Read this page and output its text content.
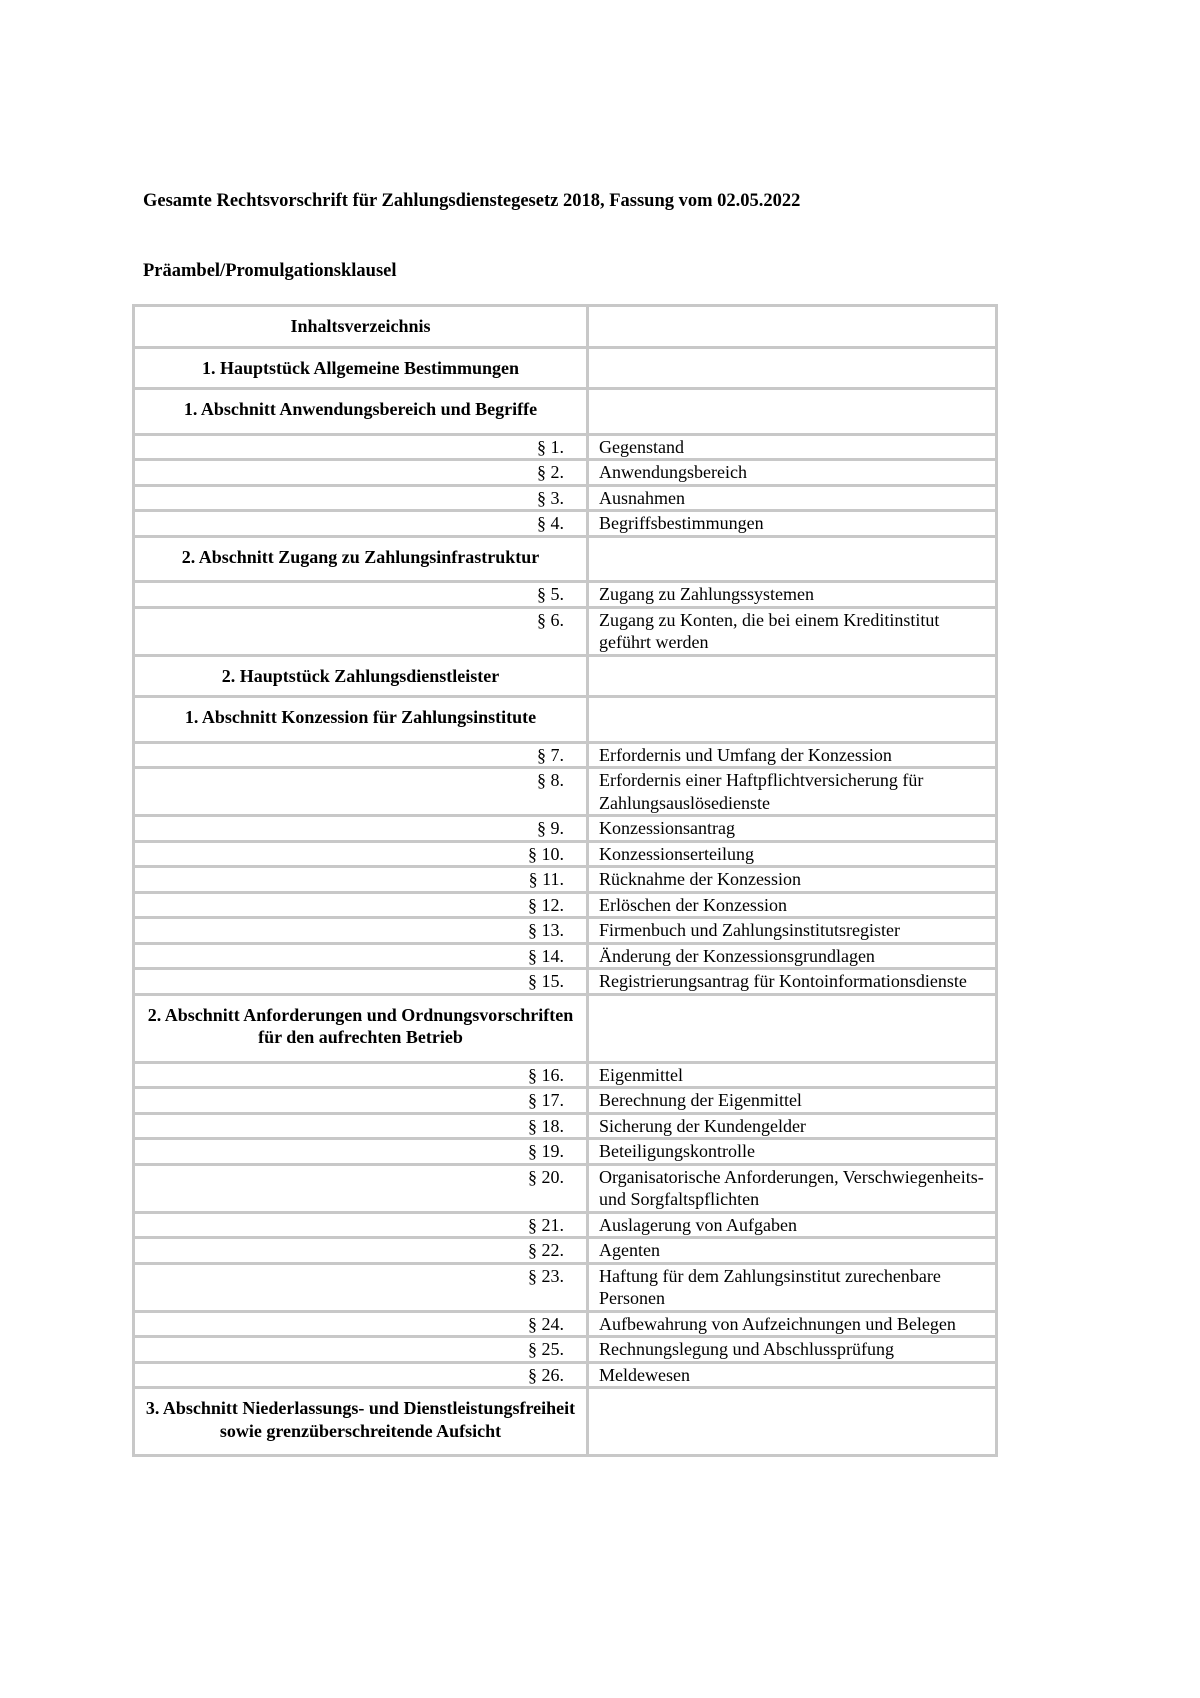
Gesamte Rechtsvorschrift für Zahlungsdienstegesetz 2018, Fassung vom 02.05.2022
Präambel/Promulgationsklausel
Inhaltsverzeichnis	
1. Hauptstück Allgemeine Bestimmungen	
1. Abschnitt Anwendungsbereich und Begriffe	
§ 1.	Gegenstand
§ 2.	Anwendungsbereich
§ 3.	Ausnahmen
§ 4.	Begriffsbestimmungen
2. Abschnitt Zugang zu Zahlungsinfrastruktur	
§ 5.	Zugang zu Zahlungssystemen
§ 6.	Zugang zu Konten, die bei einem Kreditinstitut geführt werden
2. Hauptstück Zahlungsdienstleister	
1. Abschnitt Konzession für Zahlungsinstitute	
§ 7.	Erfordernis und Umfang der Konzession
§ 8.	Erfordernis einer Haftpflichtversicherung für Zahlungsauslösedienste
§ 9.	Konzessionsantrag
§ 10.	Konzessionserteilung
§ 11.	Rücknahme der Konzession
§ 12.	Erlöschen der Konzession
§ 13.	Firmenbuch und Zahlungsinstitutsregister
§ 14.	Änderung der Konzessionsgrundlagen
§ 15.	Registrierungsantrag für Kontoinformationsdienste
2. Abschnitt Anforderungen und Ordnungsvorschriften für den aufrechten Betrieb	
§ 16.	Eigenmittel
§ 17.	Berechnung der Eigenmittel
§ 18.	Sicherung der Kundengelder
§ 19.	Beteiligungskontrolle
§ 20.	Organisatorische Anforderungen, Verschwiegenheits- und Sorgfaltspflichten
§ 21.	Auslagerung von Aufgaben
§ 22.	Agenten
§ 23.	Haftung für dem Zahlungsinstitut zurechenbare Personen
§ 24.	Aufbewahrung von Aufzeichnungen und Belegen
§ 25.	Rechnungslegung und Abschlussprüfung
§ 26.	Meldewesen
3. Abschnitt Niederlassungs- und Dienstleistungsfreiheit sowie grenzüberschreitende Aufsicht	
